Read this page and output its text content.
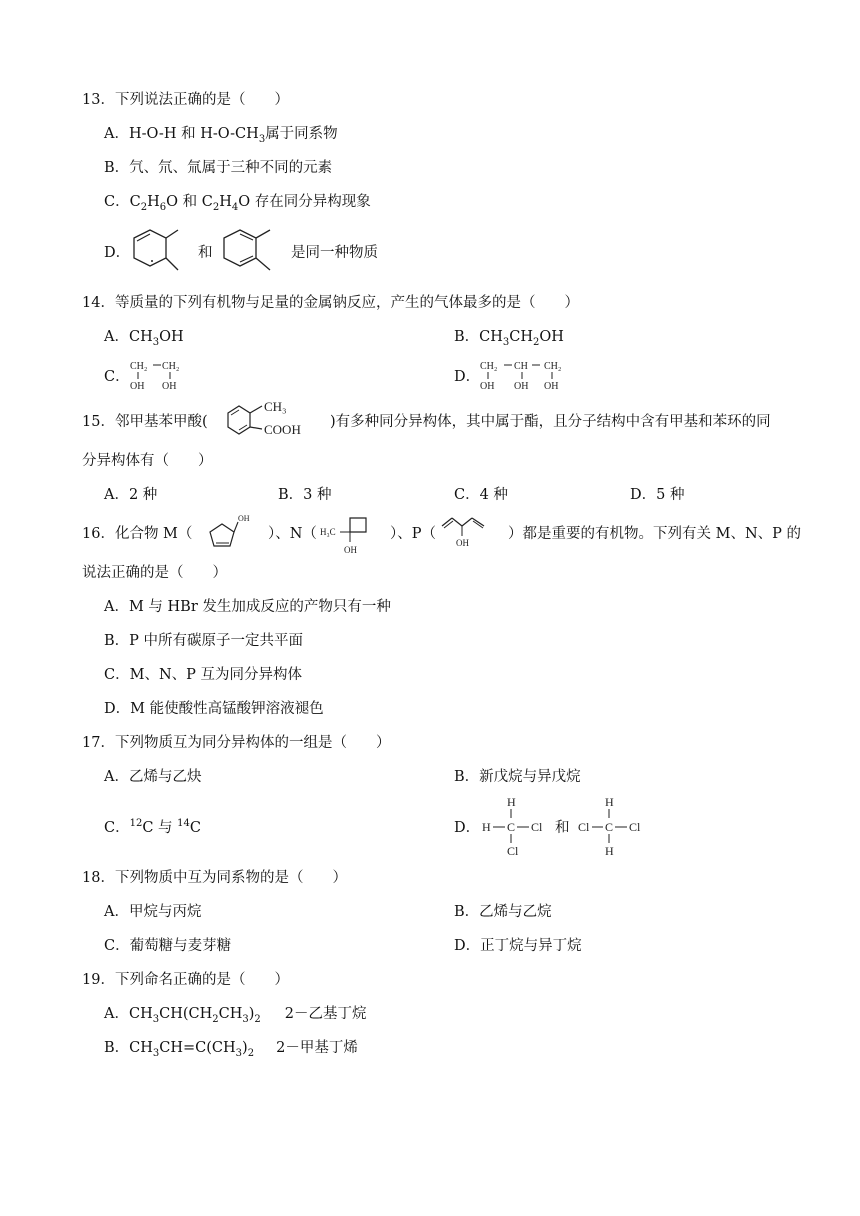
13．下列说法正确的是（　　）
A．H-O-H 和 $H-O-CH_3$属于同系物
B．氕、氘、氚属于三种不同的元素
C．$C_2H_6O$ 和 $C_2H_4O$ 存在同分异构现象
D．	和	是同一种物质
14．等质量的下列有机物与足量的金属钠反应，产生的气体最多的是（　　）
A．$CH_3OH$	B．$CH_3CH_2OH$
C．
CH₂ CH₂
OH OH
D．
CH₂ CH CH₂
OH OH OH
15．邻甲基苯甲酸(
CH₃
COOH )有多种同分异构体，其中属于酯，且分子结构中含有甲基和苯环的同
分异构体有（　　）
A．2 种	B．3 种	C．4 种	D．5 种
16．化合物 M（
OH
）、N（ H₃C
OH
）、P（
OH
）都是重要的有机物。下列有关 M、N、P 的
说法正确的是（　　）
A．M 与 HBr 发生加成反应的产物只有一种
B．P 中所有碳原子一定共平面
C．M、N、P 互为同分异构体
D．M 能使酸性高锰酸钾溶液褪色
17．下列物质互为同分异构体的一组是（　　）
A．乙烯与乙炔	B．新戊烷与异戊烷
C．$^{12}$C 与 $^{14}$C	D．
H
H C Cl
Cl
和
H
Cl C Cl
H
18．下列物质中互为同系物的是（　　）
A．甲烷与丙烷	B．乙烯与乙烷
C．葡萄糖与麦芽糖	D．正丁烷与异丁烷
19．下列命名正确的是（　　）
A．$CH_3CH(CH_2CH_3)_2$ 2－乙基丁烷
B．$CH_3CH=C(CH_3)_2$ 2－甲基丁烯
